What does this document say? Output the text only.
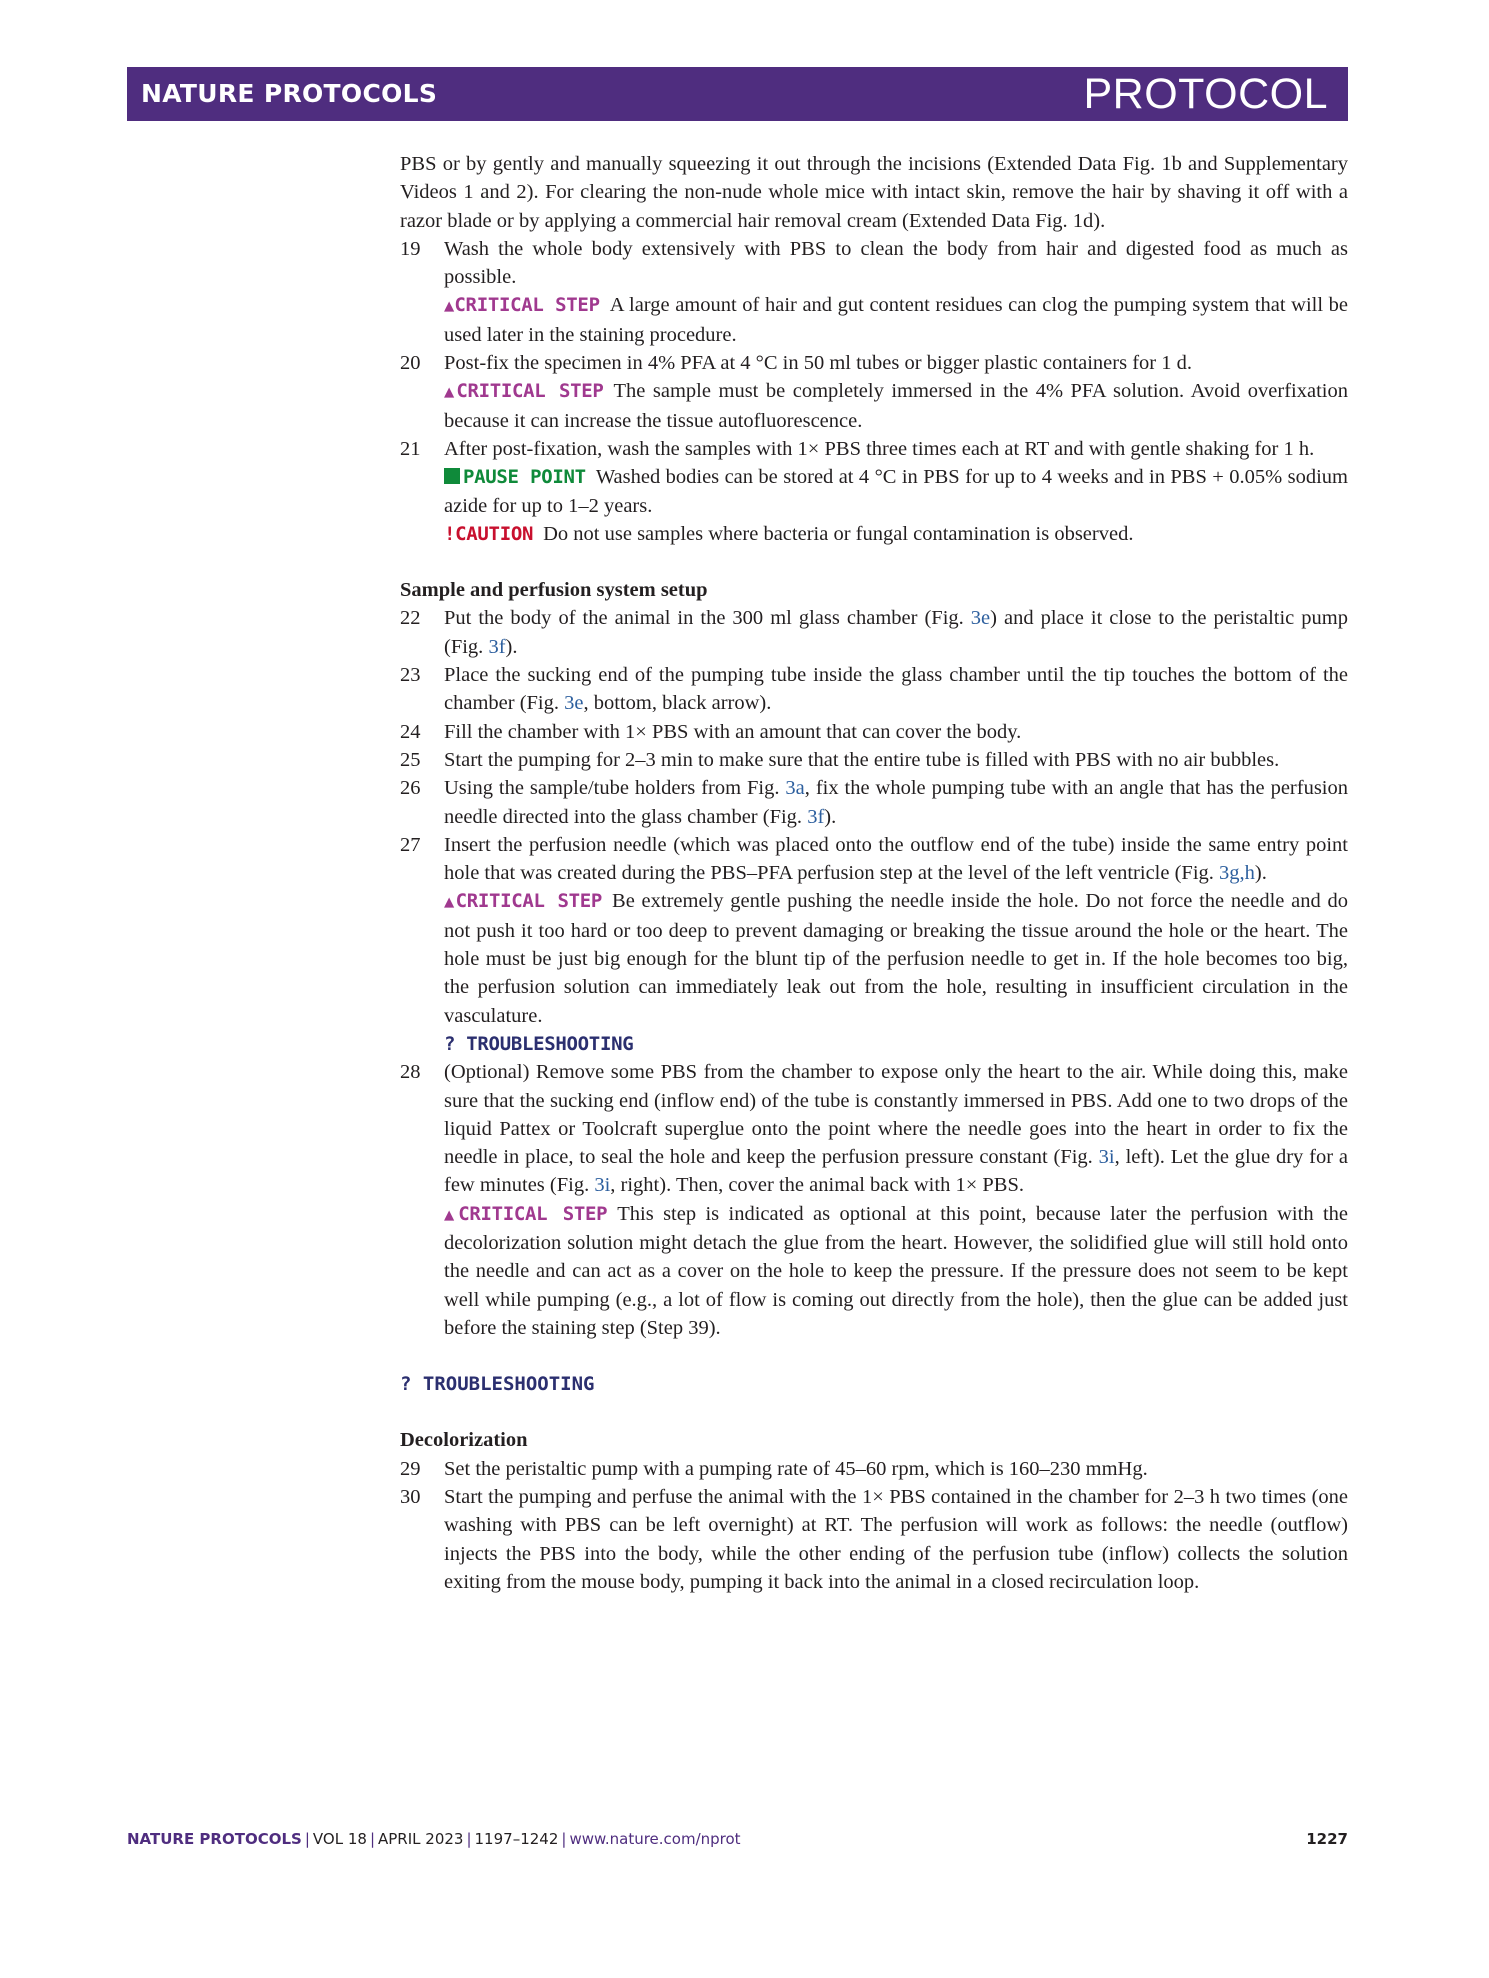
NATURE PROTOCOLS	PROTOCOL

PBS or by gently and manually squeezing it out through the incisions (Extended Data Fig. 1b and Supplementary Videos 1 and 2). For clearing the non-nude whole mice with intact skin, remove the hair by shaving it off with a razor blade or by applying a commercial hair removal cream (Extended Data Fig. 1d).

19 Wash the whole body extensively with PBS to clean the body from hair and digested food as much as possible.
▲CRITICAL STEP A large amount of hair and gut content residues can clog the pumping system that will be used later in the staining procedure.
20 Post-fix the specimen in 4% PFA at 4 °C in 50 ml tubes or bigger plastic containers for 1 d.
▲CRITICAL STEP The sample must be completely immersed in the 4% PFA solution. Avoid overfixation because it can increase the tissue autofluorescence.
21 After post-fixation, wash the samples with 1× PBS three times each at RT and with gentle shaking for 1 h.
PAUSE POINT Washed bodies can be stored at 4 °C in PBS for up to 4 weeks and in PBS + 0.05% sodium azide for up to 1–2 years.
!CAUTION Do not use samples where bacteria or fungal contamination is observed.

Sample and perfusion system setup

22 Put the body of the animal in the 300 ml glass chamber (Fig. 3e) and place it close to the peristaltic pump (Fig. 3f).
23 Place the sucking end of the pumping tube inside the glass chamber until the tip touches the bottom of the chamber (Fig. 3e, bottom, black arrow).
24 Fill the chamber with 1× PBS with an amount that can cover the body.
25 Start the pumping for 2–3 min to make sure that the entire tube is filled with PBS with no air bubbles.
26 Using the sample/tube holders from Fig. 3a, fix the whole pumping tube with an angle that has the perfusion needle directed into the glass chamber (Fig. 3f).
27 Insert the perfusion needle (which was placed onto the outflow end of the tube) inside the same entry point hole that was created during the PBS–PFA perfusion step at the level of the left ventricle (Fig. 3g,h).
▲CRITICAL STEP Be extremely gentle pushing the needle inside the hole. Do not force the needle and do not push it too hard or too deep to prevent damaging or breaking the tissue around the hole or the heart. The hole must be just big enough for the blunt tip of the perfusion needle to get in. If the hole becomes too big, the perfusion solution can immediately leak out from the hole, resulting in insufficient circulation in the vasculature.
? TROUBLESHOOTING
28 (Optional) Remove some PBS from the chamber to expose only the heart to the air. While doing this, make sure that the sucking end (inflow end) of the tube is constantly immersed in PBS. Add one to two drops of the liquid Pattex or Toolcraft superglue onto the point where the needle goes into the heart in order to fix the needle in place, to seal the hole and keep the perfusion pressure constant (Fig. 3i, left). Let the glue dry for a few minutes (Fig. 3i, right). Then, cover the animal back with 1× PBS.
▲CRITICAL STEP This step is indicated as optional at this point, because later the perfusion with the decolorization solution might detach the glue from the heart. However, the solidified glue will still hold onto the needle and can act as a cover on the hole to keep the pressure. If the pressure does not seem to be kept well while pumping (e.g., a lot of flow is coming out directly from the hole), then the glue can be added just before the staining step (Step 39).

? TROUBLESHOOTING

Decolorization

29 Set the peristaltic pump with a pumping rate of 45–60 rpm, which is 160–230 mmHg.
30 Start the pumping and perfuse the animal with the 1× PBS contained in the chamber for 2–3 h two times (one washing with PBS can be left overnight) at RT. The perfusion will work as follows: the needle (outflow) injects the PBS into the body, while the other ending of the perfusion tube (inflow) collects the solution exiting from the mouse body, pumping it back into the animal in a closed recirculation loop.
NATURE PROTOCOLS | VOL 18 | APRIL 2023 | 1197–1242 | www.nature.com/nprot	1227
